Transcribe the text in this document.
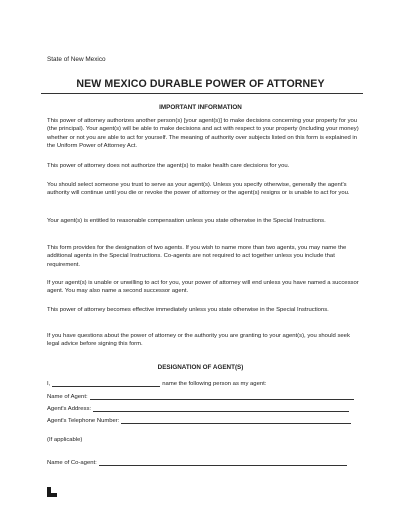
State of New Mexico
NEW MEXICO DURABLE POWER OF ATTORNEY
IMPORTANT INFORMATION

This power of attorney authorizes another person(s) [your agent(s)] to make decisions concerning your property for you (the principal). Your agent(s) will be able to make decisions and act with respect to your property (including your money) whether or not you are able to act for yourself. The meaning of authority over subjects listed on this form is explained in the Uniform Power of Attorney Act.

This power of attorney does not authorize the agent(s) to make health care decisions for you.

You should select someone you trust to serve as your agent(s). Unless you specify otherwise, generally the agent's authority will continue until you die or revoke the power of attorney or the agent(s) resigns or is unable to act for you.

Your agent(s) is entitled to reasonable compensation unless you state otherwise in the Special Instructions.

This form provides for the designation of two agents. If you wish to name more than two agents, you may name the additional agents in the Special Instructions. Co-agents are not required to act together unless you include that requirement.

If your agent(s) is unable or unwilling to act for you, your power of attorney will end unless you have named a successor agent. You may also name a second successor agent.

This power of attorney becomes effective immediately unless you state otherwise in the Special Instructions.

If you have questions about the power of attorney or the authority you are granting to your agent(s), you should seek legal advice before signing this form.

DESIGNATION OF AGENT(S)
I,	name the following person as my agent:
Name of Agent:
Agent's Address:
Agent's Telephone Number:
(If applicable)
Name of Co-agent:
